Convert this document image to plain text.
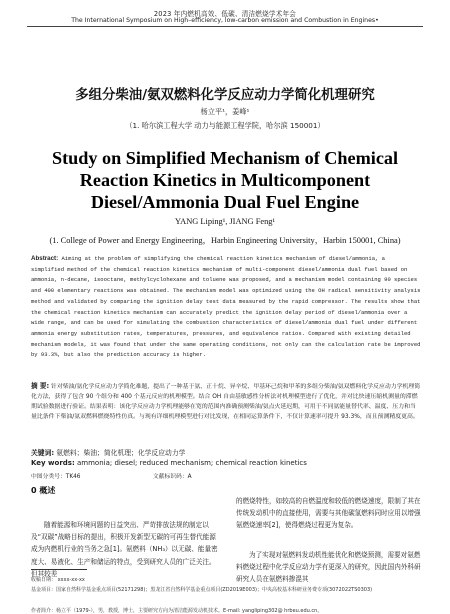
2023 年内燃机高效、低碳、清洁燃烧学术年会
The International Symposium on High–efficiency, low-carbon emission and Combustion in Engines•
多组分柴油/氨双燃料化学反应动力学简化机理研究
杨立平¹，姜峰¹
（1. 哈尔滨工程大学 动力与能源工程学院，哈尔滨 150001）
Study on Simplified Mechanism of Chemical Reaction Kinetics in Multicomponent Diesel/Ammonia Dual Fuel Engine
YANG Liping¹, JIANG Feng¹
(1. College of Power and Energy Engineering，Harbin Engineering University，Harbin 150001, China)

Abstract: Aiming at the problem of simplifying the chemical reaction kinetics mechanism of diesel/ammonia, a simplified method of the chemical reaction kinetics mechanism of multi-component diesel/ammonia dual fuel based on ammonia, n-decane, isooctane, methylcyclohexane and toluene was proposed, and a mechanism model containing 90 species and 400 elementary reactions was obtained. The mechanism model was optimized using the OH radical sensitivity analysis method and validated by comparing the ignition delay test data measured by the rapid compressor. The results show that the chemical reaction kinetics mechanism can accurately predict the ignition delay period of diesel/ammonia over a wide range, and can be used for simulating the combustion characteristics of diesel/ammonia dual fuel under different ammonia energy substitution rates, temperatures, pressures, and equivalence ratios. Compared with existing detailed mechanism models, it was found that under the same operating conditions, not only can the calculation rate be improved by 93.3%, but also the prediction accuracy is higher.

摘 要: 针对柴油/氨化学反应动力学简化难题，提出了一种基于氨、正十烷、异辛烷、甲基环己烷和甲苯的多组分柴油/氨双燃料化学反应动力学机理简化方法，获得了包含 90 个组分和 400 个基元反应的机理模型。结合 OH 自由基敏感性分析法对机理模型进行了优化，并对比快速压缩机测量的滞燃期试验数据进行验证。结果表明：该化学反应动力学机理能够在宽的范围内准确预测柴油/氨点火延迟期，可用于不同氨能量替代率、温度、压力和当量比条件下柴油/氨双燃料燃烧特性仿真。与现有详细机理模型进行对比发现，在相同运算条件下，不仅计算速率可提升 93.3%，而且预测精度更高。

关键词: 氨燃料；柴油；简化机理；化学反应动力学
Key words: ammonia; diesel; reduced mechanism; chemical reaction kinetics
中图分类号：TK46	文献标识码：A
0 概述

随着能源和环境问题的日益突出、严苛排放法规的制定以及“双碳”战略目标的提出，积极开发新型无碳的可再生替代能源成为内燃机行业的当务之急[1]。氨燃料（NH₃）以无碳、能量密度大、易液化、生产和储运的特点，受到研究人员的广泛关注。但其较差

的燃烧特性，如较高的自燃温度和较低的燃烧速度，限制了其在传统发动机中的直接使用，需要与其他碳氢燃料同时应用以增强氨燃烧速率[2]，使得燃烧过程更为复杂。

为了实现对氨燃料发动机性能优化和燃烧预测，需要对氨燃料燃烧过程中化学反应动力学有更深入的研究，因此国内外科研研究人员在氨燃料掺混其

收稿日期： xxxx-xx-xx
基金项目：国家自然科学基金重点项目(52171298)；黑龙江省自然科学基金重点项目(ZD2019E003)；中央高校基本科研业务费专项(3072022TS0303)
作者简介：杨立平（1979-），男，教授，博士，主要研究方向为清洁能源发动机技术。E-mail: yangliping302@ hrbeu.edu.cn。
